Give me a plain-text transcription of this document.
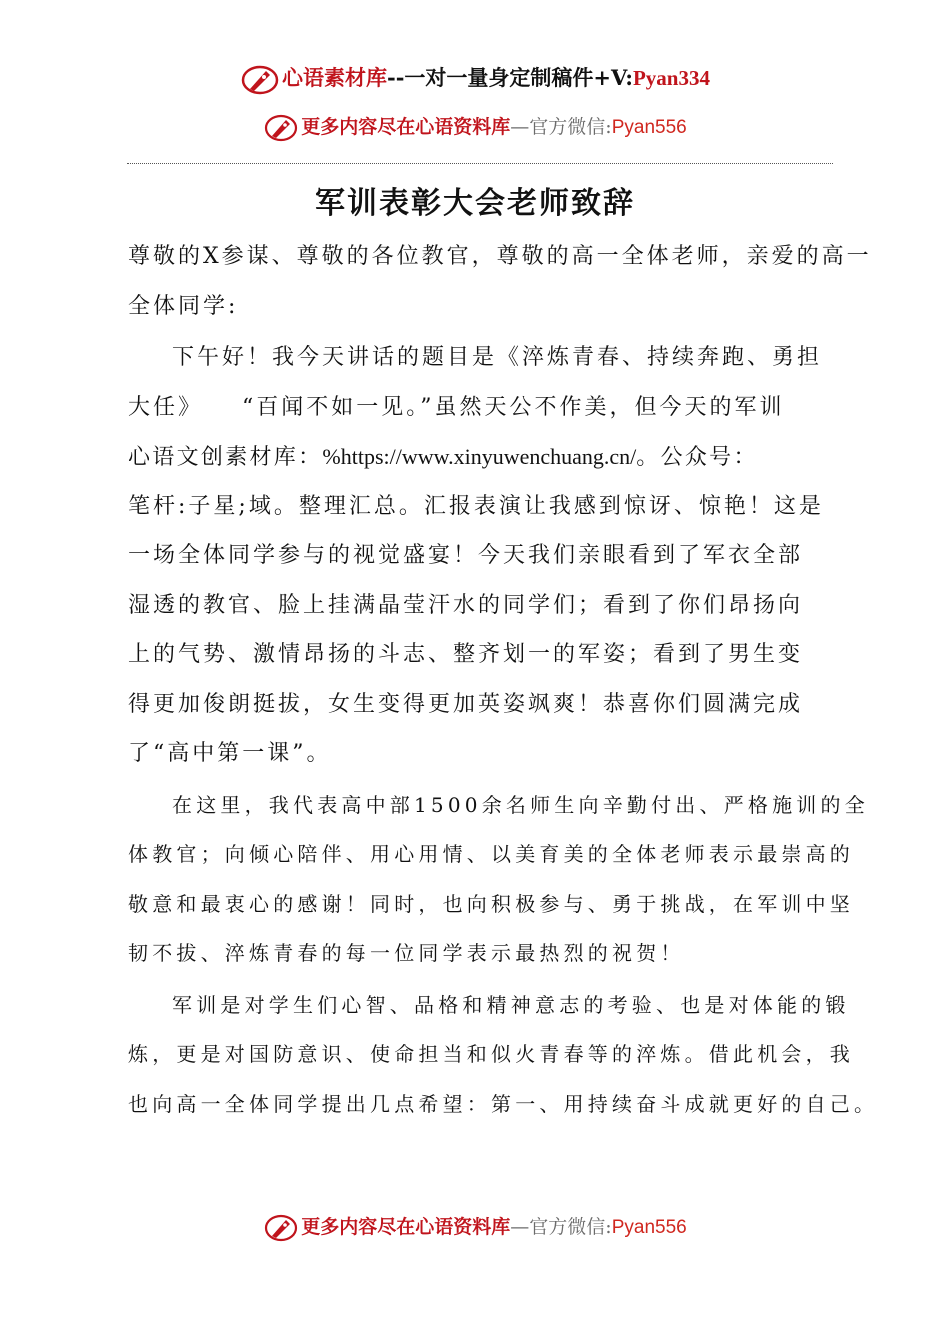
心语素材库--一对一量身定制稿件+V:Pyan334
更多内容尽在心语资料库—官方微信:Pyan556
军训表彰大会老师致辞
尊敬的X参谋、尊敬的各位教官，尊敬的高一全体老师，亲爱的高一
全体同学:
下午好！我今天讲话的题目是《淬炼青春、持续奔跑、勇担
大任》　　“百闻不如一见。”虽然天公不作美，但今天的军训
心语文创素材库：%https://www.xinyuwenchuang.cn/。公众号：
笔杆:子星;域。整理汇总。汇报表演让我感到惊讶、惊艳！这是
一场全体同学参与的视觉盛宴！今天我们亲眼看到了军衣全部
湿透的教官、脸上挂满晶莹汗水的同学们；看到了你们昂扬向
上的气势、激情昂扬的斗志、整齐划一的军姿；看到了男生变
得更加俊朗挺拔，女生变得更加英姿飒爽！恭喜你们圆满完成
了“高中第一课”。
在这里，我代表高中部1500余名师生向辛勤付出、严格施训的全
体教官；向倾心陪伴、用心用情、以美育美的全体老师表示最崇高的
敬意和最衷心的感谢！同时，也向积极参与、勇于挑战，在军训中坚
韧不拔、淬炼青春的每一位同学表示最热烈的祝贺！
军训是对学生们心智、品格和精神意志的考验、也是对体能的锻
炼，更是对国防意识、使命担当和似火青春等的淬炼。借此机会，我
也向高一全体同学提出几点希望：第一、用持续奋斗成就更好的自己。
更多内容尽在心语资料库—官方微信:Pyan556
